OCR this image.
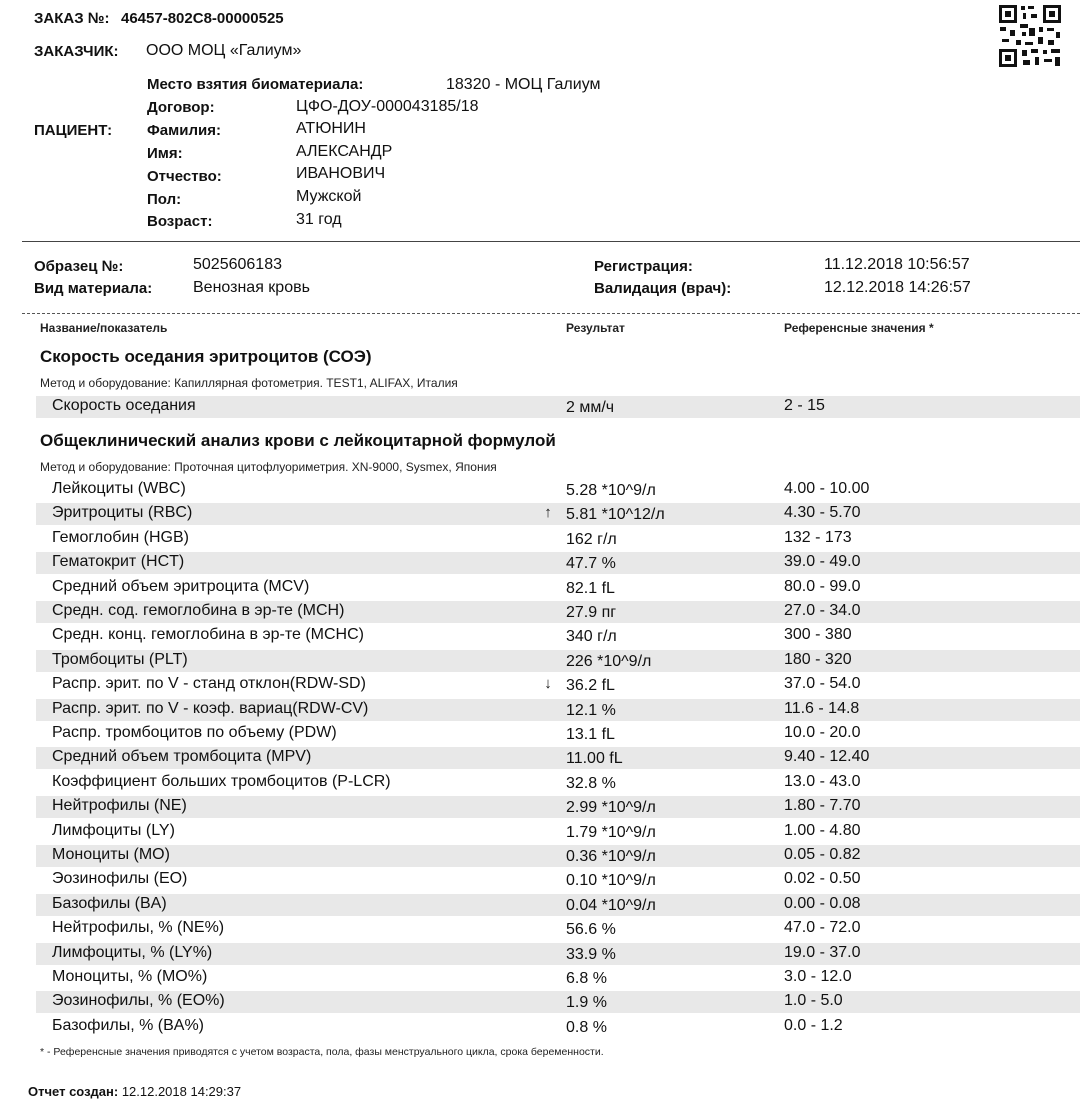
ЗАКАЗ №: 46457-802C8-00000525
ЗАКАЗЧИК: ООО МОЦ «Галиум»
ПАЦИЕНТ:
Место взятия биоматериала:	18320 - МОЦ Галиум
Договор:	ЦФО-ДОУ-000043185/18
Фамилия:	АТЮНИН
Имя:	АЛЕКСАНДР
Отчество:	ИВАНОВИЧ
Пол:	Мужской
Возраст:	31 год
Образец №:	5025606183
Вид материала:	Венозная кровь
Регистрация:	11.12.2018 10:56:57
Валидация (врач):	12.12.2018 14:26:57
Название/показатель	Результат	Референсные значения *
Скорость оседания эритроцитов (СОЭ)
Метод и оборудование: Капиллярная фотометрия. TEST1, ALIFAX, Италия
Скорость оседания	2 мм/ч	2 - 15
Общеклинический анализ крови с лейкоцитарной формулой
Метод и оборудование: Проточная цитофлуориметрия. XN-9000, Sysmex, Япония
Лейкоциты (WBC)	5.28 *10^9/л	4.00 - 10.00
Эритроциты (RBC)	↑ 5.81 *10^12/л	4.30 - 5.70
Гемоглобин (HGB)	162 г/л	132 - 173
Гематокрит (HCT)	47.7 %	39.0 - 49.0
Средний объем эритроцита (MCV)	82.1 fL	80.0 - 99.0
Средн. сод. гемоглобина в эр-те (MCH)	27.9 пг	27.0 - 34.0
Средн. конц. гемоглобина в эр-те (MCHC)	340 г/л	300 - 380
Тромбоциты (PLT)	226 *10^9/л	180 - 320
Распр. эрит. по V - станд отклон(RDW-SD)	↓ 36.2 fL	37.0 - 54.0
Распр. эрит. по V - коэф. вариац(RDW-CV)	12.1 %	11.6 - 14.8
Распр. тромбоцитов по объему (PDW)	13.1 fL	10.0 - 20.0
Средний объем тромбоцита (MPV)	11.00 fL	9.40 - 12.40
Коэффициент больших тромбоцитов (P-LCR)	32.8 %	13.0 - 43.0
Нейтрофилы (NE)	2.99 *10^9/л	1.80 - 7.70
Лимфоциты (LY)	1.79 *10^9/л	1.00 - 4.80
Моноциты (MO)	0.36 *10^9/л	0.05 - 0.82
Эозинофилы (EO)	0.10 *10^9/л	0.02 - 0.50
Базофилы (BA)	0.04 *10^9/л	0.00 - 0.08
Нейтрофилы, % (NE%)	56.6 %	47.0 - 72.0
Лимфоциты, % (LY%)	33.9 %	19.0 - 37.0
Моноциты, % (MO%)	6.8 %	3.0 - 12.0
Эозинофилы, % (EO%)	1.9 %	1.0 - 5.0
Базофилы, % (BA%)	0.8 %	0.0 - 1.2
* - Референсные значения приводятся с учетом возраста, пола, фазы менструального цикла, срока беременности.
Отчет создан: 12.12.2018 14:29:37
